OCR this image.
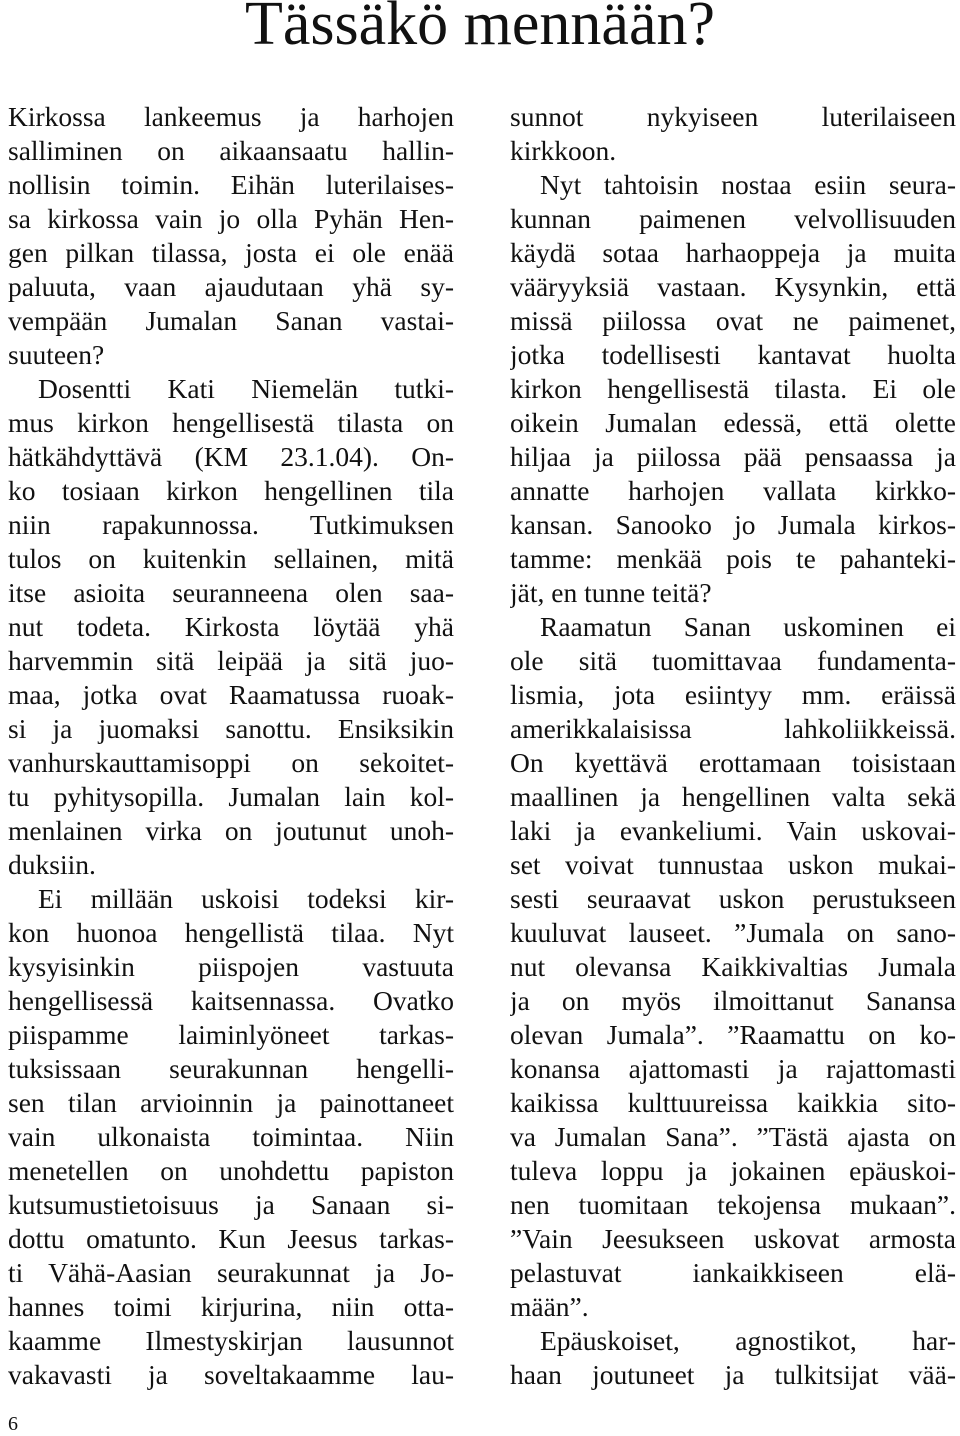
Tässäkö mennään?
Kirkossa lankeemus ja harhojen
salliminen on aikaansaatu hallin-
nollisin toimin. Eihän luterilaises-
sa kirkossa vain jo olla Pyhän Hen-
gen pilkan tilassa, josta ei ole enää
paluuta, vaan ajaudutaan yhä sy-
vempään Jumalan Sanan vastai-
suuteen?
Dosentti Kati Niemelän tutki-
mus kirkon hengellisestä tilasta on
hätkähdyttävä (KM 23.1.04). On-
ko tosiaan kirkon hengellinen tila
niin rapakunnossa. Tutkimuksen
tulos on kuitenkin sellainen, mitä
itse asioita seuranneena olen saa-
nut todeta. Kirkosta löytää yhä
harvemmin sitä leipää ja sitä juo-
maa, jotka ovat Raamatussa ruoak-
si ja juomaksi sanottu. Ensiksikin
vanhurskauttamisoppi on sekoitet-
tu pyhitysopilla. Jumalan lain kol-
menlainen virka on joutunut unoh-
duksiin.
Ei millään uskoisi todeksi kir-
kon huonoa hengellistä tilaa. Nyt
kysyisinkin piispojen vastuuta
hengellisessä kaitsennassa. Ovatko
piispamme laiminlyöneet tarkas-
tuksissaan seurakunnan hengelli-
sen tilan arvioinnin ja painottaneet
vain ulkonaista toimintaa. Niin
menetellen on unohdettu papiston
kutsumustietoisuus ja Sanaan si-
dottu omatunto. Kun Jeesus tarkas-
ti Vähä-Aasian seurakunnat ja Jo-
hannes toimi kirjurina, niin otta-
kaamme Ilmestyskirjan lausunnot
vakavasti ja soveltakaamme lau-
sunnot nykyiseen luterilaiseen
kirkkoon.
Nyt tahtoisin nostaa esiin seura-
kunnan paimenen velvollisuuden
käydä sotaa harhaoppeja ja muita
vääryyksiä vastaan. Kysynkin, että
missä piilossa ovat ne paimenet,
jotka todellisesti kantavat huolta
kirkon hengellisestä tilasta. Ei ole
oikein Jumalan edessä, että olette
hiljaa ja piilossa pää pensaassa ja
annatte harhojen vallata kirkko-
kansan. Sanooko jo Jumala kirkos-
tamme: menkää pois te pahanteki-
jät, en tunne teitä?
Raamatun Sanan uskominen ei
ole sitä tuomittavaa fundamenta-
lismia, jota esiintyy mm. eräissä
amerikkalaisissa lahkoliikkeissä.
On kyettävä erottamaan toisistaan
maallinen ja hengellinen valta sekä
laki ja evankeliumi. Vain uskovai-
set voivat tunnustaa uskon mukai-
sesti seuraavat uskon perustukseen
kuuluvat lauseet. ”Jumala on sano-
nut olevansa Kaikkivaltias Jumala
ja on myös ilmoittanut Sanansa
olevan Jumala”. ”Raamattu on ko-
konansa ajattomasti ja rajattomasti
kaikissa kulttuureissa kaikkia sito-
va Jumalan Sana”. ”Tästä ajasta on
tuleva loppu ja jokainen epäuskoi-
nen tuomitaan tekojensa mukaan”.
”Vain Jeesukseen uskovat armosta
pelastuvat iankaikkiseen elä-
mään”.
Epäuskoiset, agnostikot, har-
haan joutuneet ja tulkitsijat vää-

6
